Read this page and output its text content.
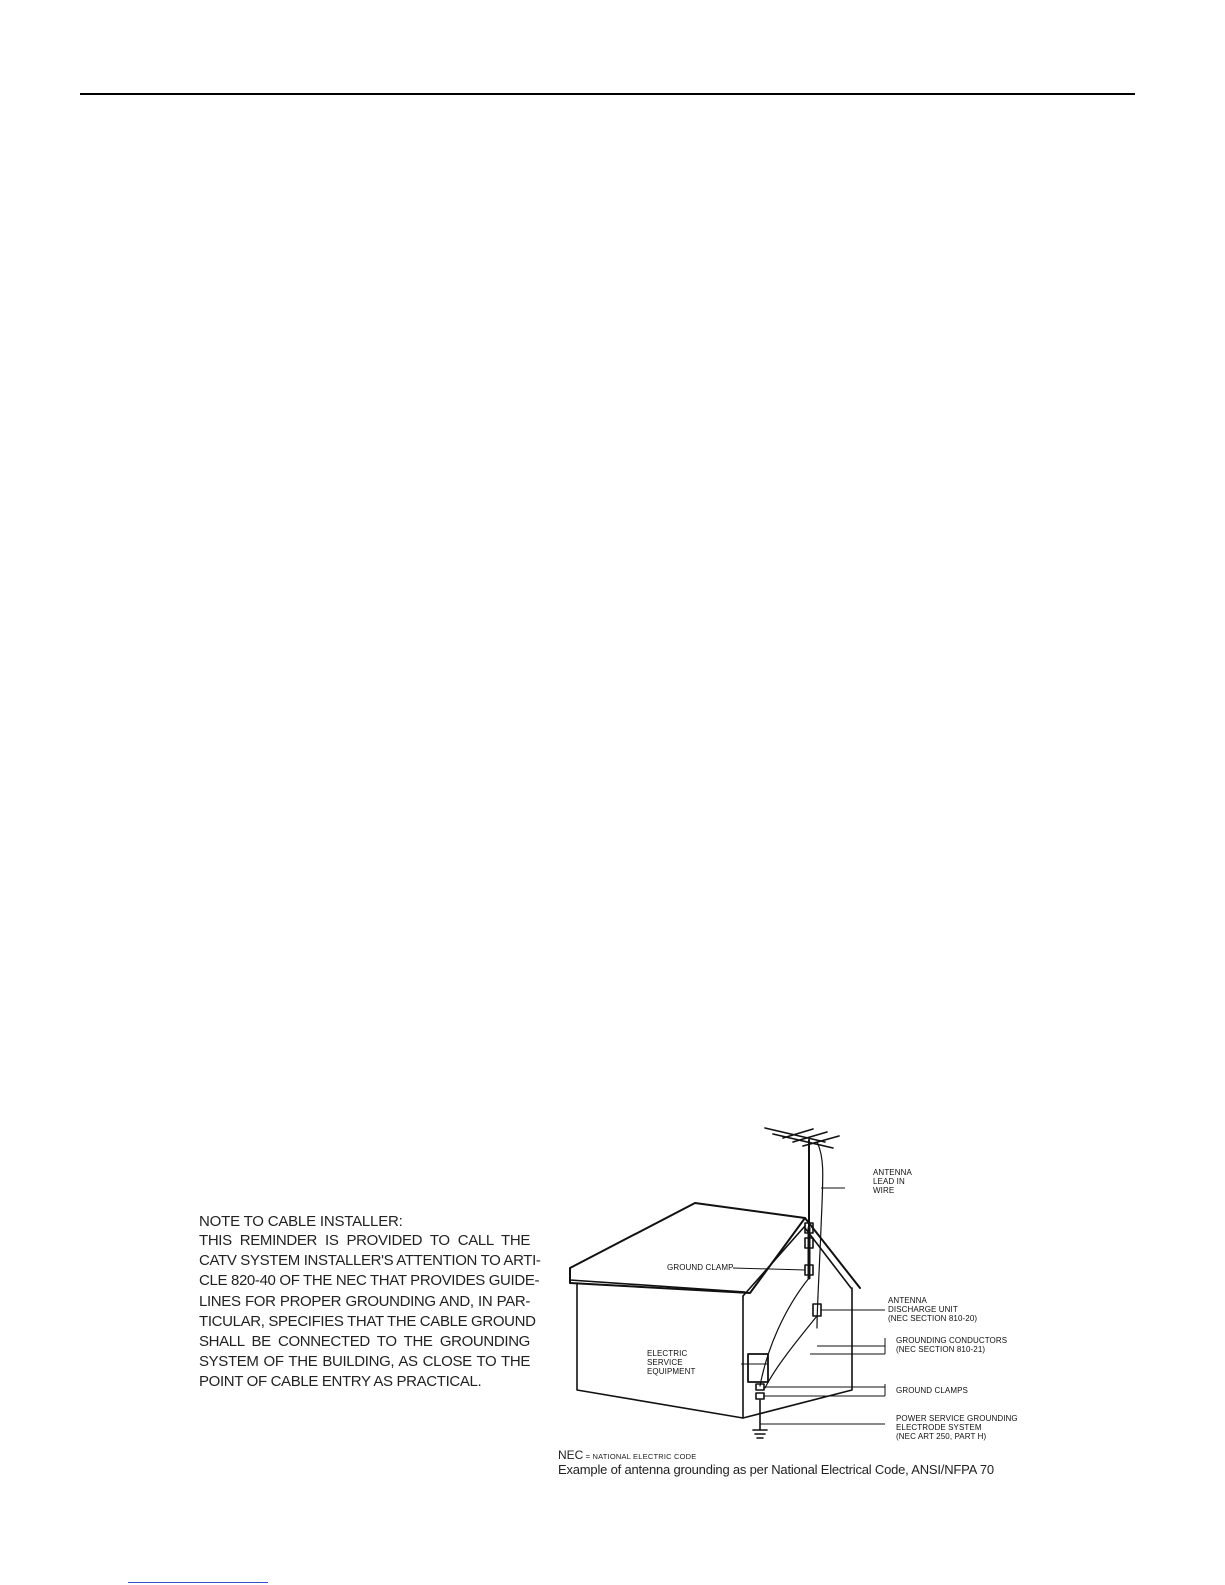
NOTE TO CABLE INSTALLER:

THIS REMINDER IS PROVIDED TO CALL THE
CATV SYSTEM INSTALLER'S ATTENTION TO ARTI-
CLE 820-40 OF THE NEC THAT PROVIDES GUIDE-
LINES FOR PROPER GROUNDING AND, IN PAR-
TICULAR, SPECIFIES THAT THE CABLE GROUND
SHALL BE CONNECTED TO THE GROUNDING
SYSTEM OF THE BUILDING, AS CLOSE TO THE
POINT OF CABLE ENTRY AS PRACTICAL.

ANTENNA
LEAD IN
WIRE
GROUND CLAMP
ANTENNA
DISCHARGE UNIT
(NEC SECTION 810-20)
GROUNDING CONDUCTORS
(NEC SECTION 810-21)
ELECTRIC
SERVICE
EQUIPMENT
GROUND CLAMPS
POWER SERVICE GROUNDING
ELECTRODE SYSTEM
(NEC ART 250, PART H)
NEC = NATIONAL ELECTRIC CODE
Example of antenna grounding as per National Electrical Code, ANSI/NFPA 70
